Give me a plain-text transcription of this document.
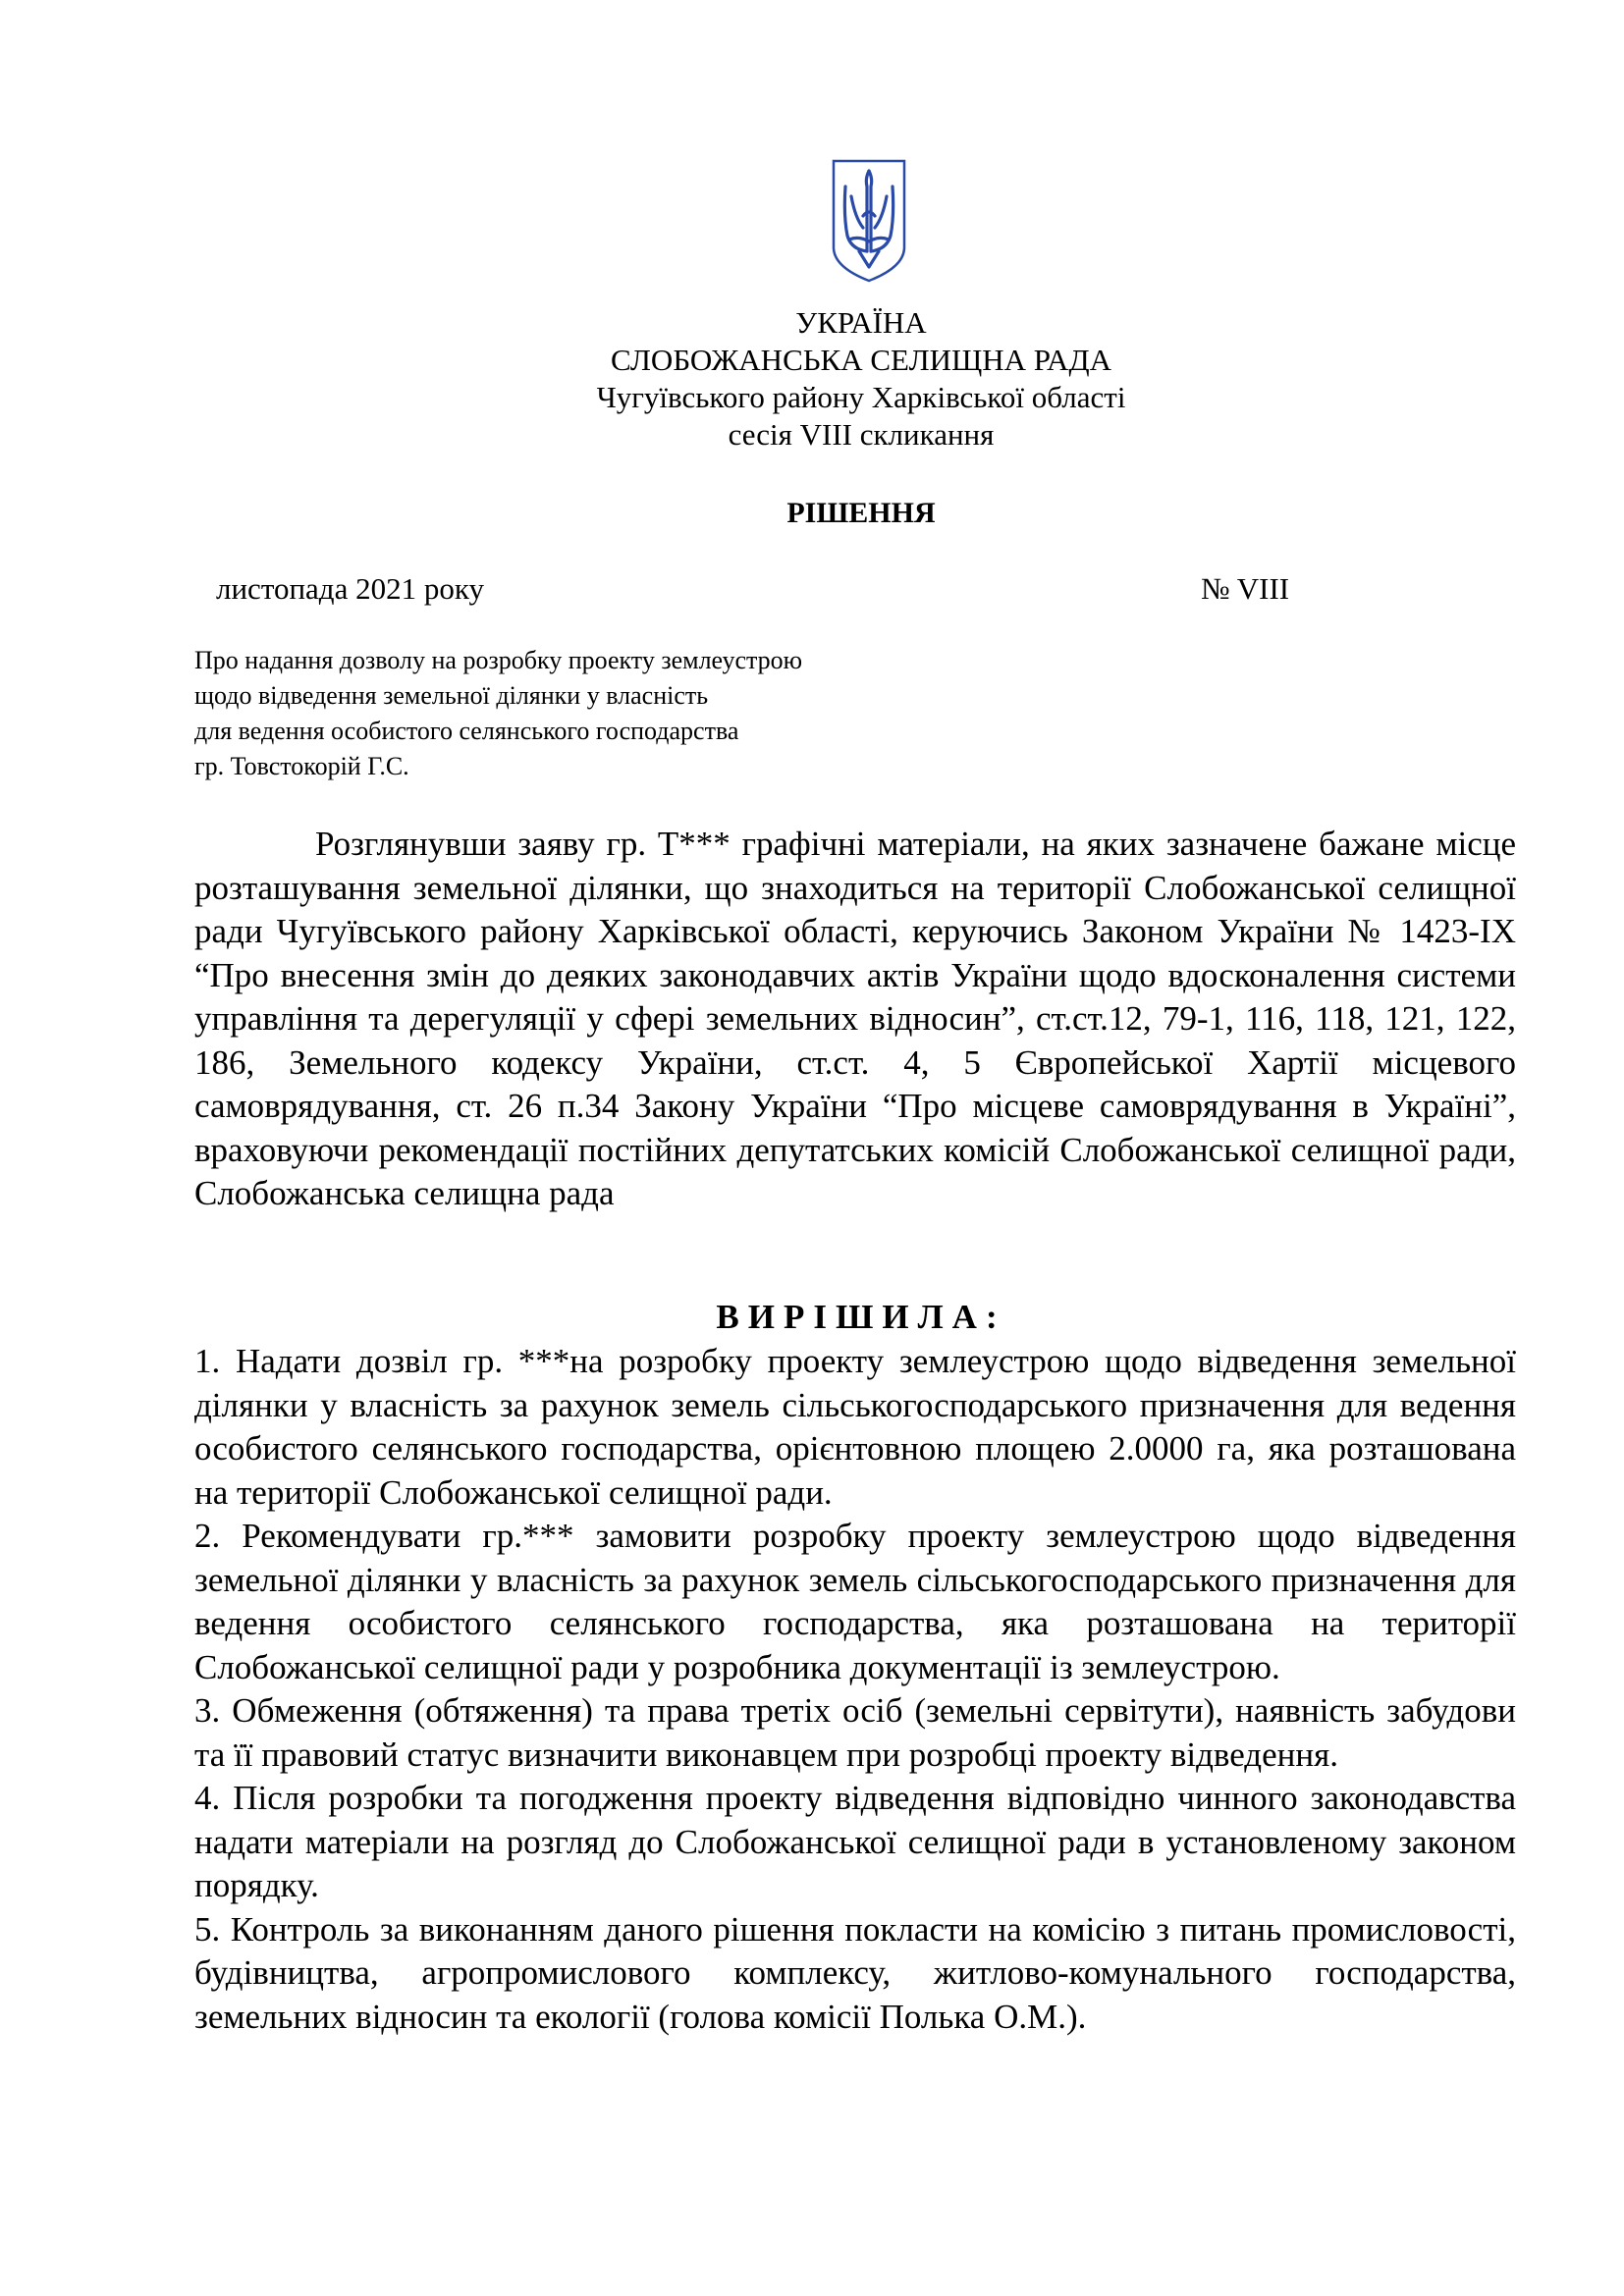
УКРАЇНА
СЛОБОЖАНСЬКА СЕЛИЩНА РАДА
Чугуївського району Харківської області
сесія VIII скликання
РІШЕННЯ
листопада 2021 року	№ VIII
Про надання дозволу на розробку проекту землеустрою
щодо відведення земельної ділянки у власність
для ведення особистого селянського господарства
гр. Товстокорій Г.С.
Розглянувши заяву гр. Т*** графічні матеріали, на яких зазначене бажане місце розташування земельної ділянки, що знаходиться на території Слобожанської селищної ради Чугуївського району Харківської області, керуючись Законом України № 1423-IX “Про внесення змін до деяких законодавчих актів України щодо вдосконалення системи управління та дерегуляції у сфері земельних відносин”, ст.ст.12, 79-1, 116, 118, 121, 122, 186, Земельного кодексу України, ст.ст. 4, 5 Європейської Хартії місцевого самоврядування, ст. 26 п.34 Закону України “Про місцеве самоврядування в Україні”, враховуючи рекомендації постійних депутатських комісій Слобожанської селищної ради, Слобожанська селищна рада
ВИРІШИЛА:

1. Надати дозвіл гр. ***на розробку проекту землеустрою щодо відведення земельної ділянки у власність за рахунок земель сільськогосподарського призначення для ведення особистого селянського господарства, орієнтовною площею 2.0000 га, яка розташована на території Слобожанської селищної ради.

2. Рекомендувати гр.*** замовити розробку проекту землеустрою щодо відведення земельної ділянки у власність за рахунок земель сільськогосподарського призначення для ведення особистого селянського господарства, яка розташована на території Слобожанської селищної ради у розробника документації із землеустрою.

3. Обмеження (обтяження) та права третіх осіб (земельні сервітути), наявність забудови та її правовий статус визначити виконавцем при розробці проекту відведення.

4. Після розробки та погодження проекту відведення відповідно чинного законодавства надати матеріали на розгляд до Слобожанської селищної ради в установленому законом порядку.

5. Контроль за виконанням даного рішення покласти на комісію з питань промисловості, будівництва, агропромислового комплексу, житлово-комунального господарства, земельних відносин та екології (голова комісії Полька О.М.).
